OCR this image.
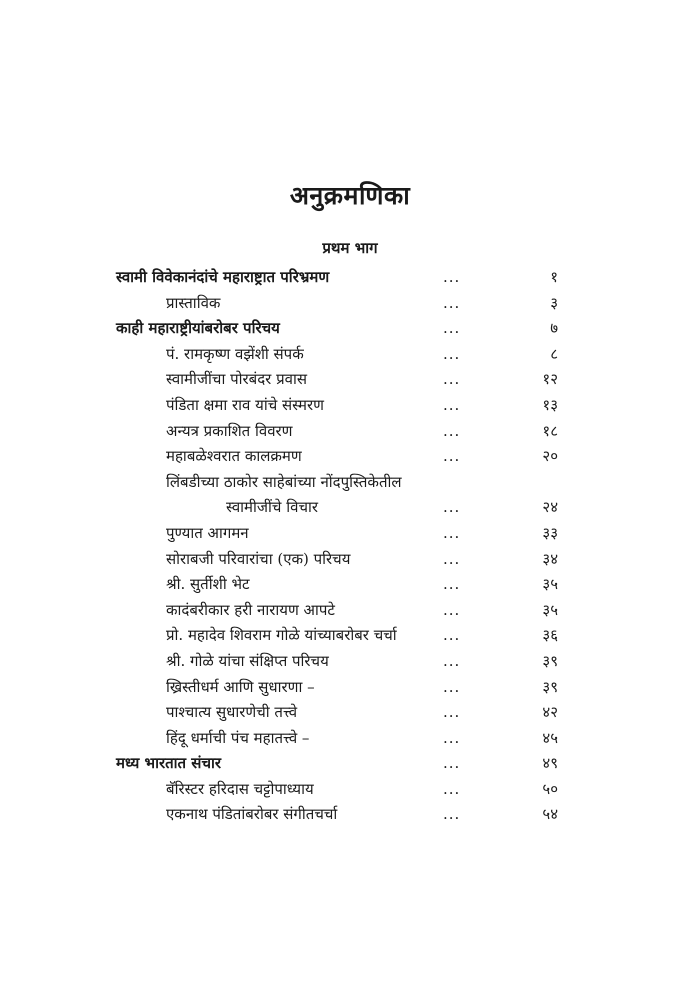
अनुक्रमणिका
प्रथम भाग
स्वामी विवेकानंदांचे महाराष्ट्रात परिभ्रमण	...	१
प्रास्ताविक	...	३
काही महाराष्ट्रीयांबरोबर परिचय	...	७
पं. रामकृष्ण वझेंशी संपर्क	...	८
स्वामीजींचा पोरबंदर प्रवास	...	१२
पंडिता क्षमा राव यांचे संस्मरण	...	१३
अन्यत्र प्रकाशित विवरण	...	१८
महाबळेश्वरात कालक्रमण	...	२०
लिंबडीच्या ठाकोर साहेबांच्या नोंदपुस्तिकेतील
स्वामीजींचे विचार	...	२४
पुण्यात आगमन	...	३३
सोराबजी परिवारांचा (एक) परिचय	...	३४
श्री. सुर्तीशी भेट	...	३५
कादंबरीकार हरी नारायण आपटे	...	३५
प्रो. महादेव शिवराम गोळे यांच्याबरोबर चर्चा	...	३६
श्री. गोळे यांचा संक्षिप्त परिचय	...	३९
ख्रिस्तीधर्म आणि सुधारणा –	...	३९
पाश्चात्य सुधारणेची तत्त्वे	...	४२
हिंदू धर्माची पंच महातत्त्वे –	...	४५
मध्य भारतात संचार	...	४९
बॅरिस्टर हरिदास चट्टोपाध्याय	...	५०
एकनाथ पंडितांबरोबर संगीतचर्चा	...	५४
